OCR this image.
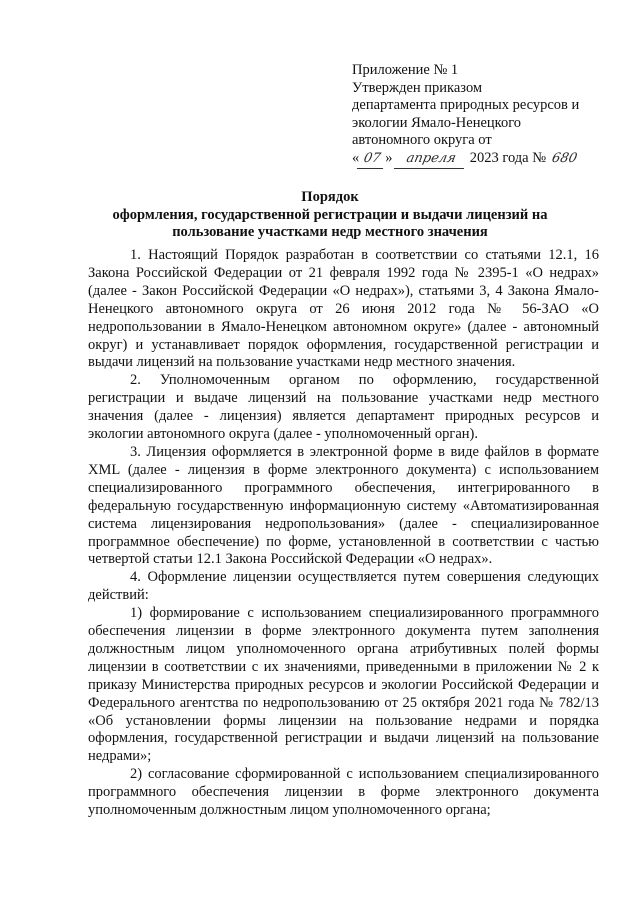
Приложение № 1
Утвержден приказом
департамента природных ресурсов и
экологии Ямало-Ненецкого
автономного округа от
« 07 » апреля 2023 года № 680
Порядок
оформления, государственной регистрации и выдачи лицензий на
пользование участками недр местного значения

1. Настоящий Порядок разработан в соответствии со статьями 12.1, 16 Закона Российской Федерации от 21 февраля 1992 года № 2395-1 «О недрах» (далее - Закон Российской Федерации «О недрах»), статьями 3, 4 Закона Ямало-Ненецкого автономного округа от 26 июня 2012 года № 56-ЗАО «О недропользовании в Ямало-Ненецком автономном округе» (далее - автономный округ) и устанавливает порядок оформления, государственной регистрации и выдачи лицензий на пользование участками недр местного значения.

2. Уполномоченным органом по оформлению, государственной регистрации и выдаче лицензий на пользование участками недр местного значения (далее - лицензия) является департамент природных ресурсов и экологии автономного округа (далее - уполномоченный орган).

3. Лицензия оформляется в электронной форме в виде файлов в формате XML (далее - лицензия в форме электронного документа) с использованием специализированного программного обеспечения, интегрированного в федеральную государственную информационную систему «Автоматизированная система лицензирования недропользования» (далее - специализированное программное обеспечение) по форме, установленной в соответствии с частью четвертой статьи 12.1 Закона Российской Федерации «О недрах».

4. Оформление лицензии осуществляется путем совершения следующих действий:

1) формирование с использованием специализированного программного обеспечения лицензии в форме электронного документа путем заполнения должностным лицом уполномоченного органа атрибутивных полей формы лицензии в соответствии с их значениями, приведенными в приложении № 2 к приказу Министерства природных ресурсов и экологии Российской Федерации и Федерального агентства по недропользованию от 25 октября 2021 года № 782/13 «Об установлении формы лицензии на пользование недрами и порядка оформления, государственной регистрации и выдачи лицензий на пользование недрами»;

2) согласование сформированной с использованием специализированного программного обеспечения лицензии в форме электронного документа уполномоченным должностным лицом уполномоченного органа;
